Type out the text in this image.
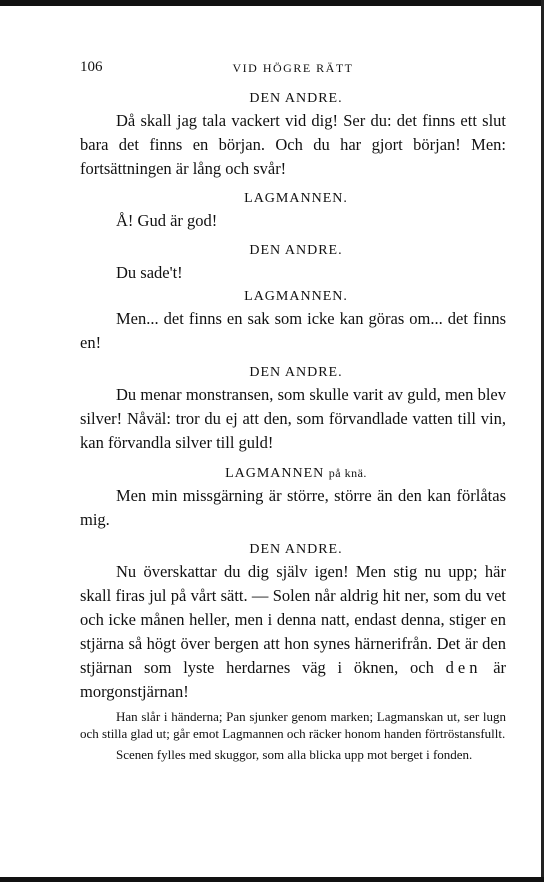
106	VID HÖGRE RÄTT

DEN ANDRE.

Då skall jag tala vackert vid dig! Ser du: det finns ett slut bara det finns en början. Och du har gjort början! Men: fortsättningen är lång och svår!

LAGMANNEN.

Å! Gud är god!

DEN ANDRE.

Du sade't!

LAGMANNEN.

Men... det finns en sak som icke kan göras om... det finns en!

DEN ANDRE.

Du menar monstransen, som skulle varit av guld, men blev silver! Nåväl: tror du ej att den, som förvandlade vatten till vin, kan förvandla silver till guld!

LAGMANNEN på knä.

Men min missgärning är större, större än den kan förlåtas mig.

DEN ANDRE.

Nu överskattar du dig själv igen! Men stig nu upp; här skall firas jul på vårt sätt. — Solen når aldrig hit ner, som du vet och icke månen heller, men i denna natt, endast denna, stiger en stjärna så högt över bergen att hon synes härnerifrån. Det är den stjärnan som lyste herdarnes väg i öknen, och den är morgonstjärnan!

Han slår i händerna; Pan sjunker genom marken; Lagmanskan ut, ser lugn och stilla glad ut; går emot Lagmannen och räcker honom handen förtröstansfullt.

Scenen fylles med skuggor, som alla blicka upp mot berget i fonden.
